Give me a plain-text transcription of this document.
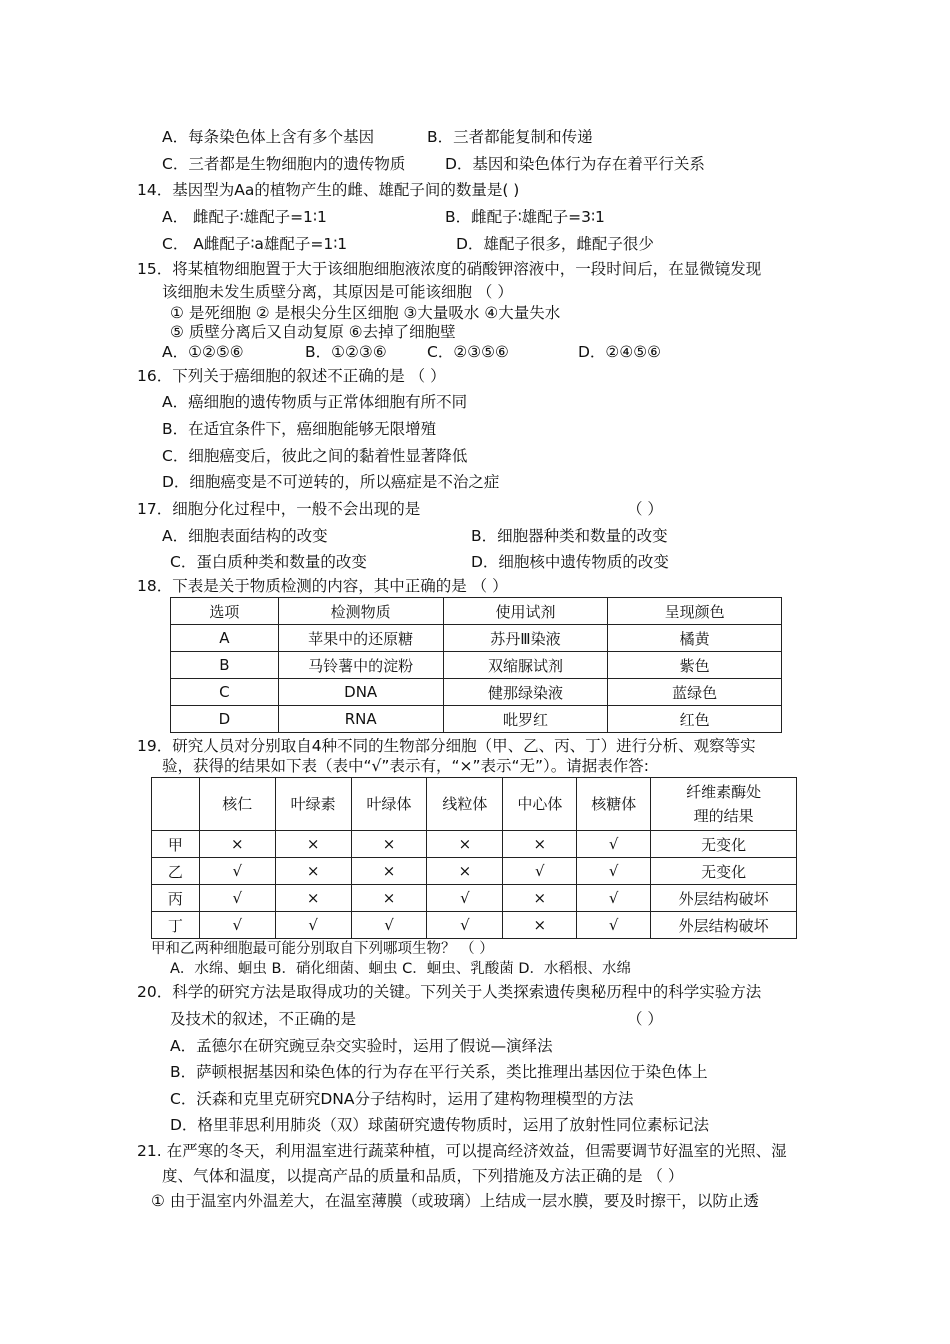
A．每条染色体上含有多个基因	B．三者都能复制和传递
C．三者都是生物细胞内的遗传物质	D．基因和染色体行为存在着平行关系
14．基因型为Aa的植物产生的雌、雄配子间的数量是( )
A． 雌配子∶雄配子=1∶1	B．雌配子∶雄配子=3∶1
C． A雌配子∶a雄配子=1∶1	D．雄配子很多，雌配子很少
15．将某植物细胞置于大于该细胞细胞液浓度的硝酸钾溶液中，一段时间后，在显微镜发现
该细胞未发生质壁分离，其原因是可能该细胞 （ ）
① 是死细胞 ② 是根尖分生区细胞 ③大量吸水 ④大量失水
⑤ 质壁分离后又自动复原 ⑥去掉了细胞壁
A．①②⑤⑥	B．①②③⑥	C．②③⑤⑥	D．②④⑤⑥
16．下列关于癌细胞的叙述不正确的是 （ ）
A．癌细胞的遗传物质与正常体细胞有所不同
B．在适宜条件下，癌细胞能够无限增殖
C．细胞癌变后，彼此之间的黏着性显著降低
D．细胞癌变是不可逆转的，所以癌症是不治之症
17．细胞分化过程中，一般不会出现的是	（ ）
A．细胞表面结构的改变	B．细胞器种类和数量的改变
C．蛋白质种类和数量的改变	D．细胞核中遗传物质的改变
18．下表是关于物质检测的内容，其中正确的是 （ ）
选项	检测物质	使用试剂	呈现颜色
A	苹果中的还原糖	苏丹Ⅲ染液	橘黄
B	马铃薯中的淀粉	双缩脲试剂	紫色
C	DNA	健那绿染液	蓝绿色
D	RNA	吡罗红	红色
19．研究人员对分别取自4种不同的生物部分细胞（甲、乙、丙、丁）进行分析、观察等实
验，获得的结果如下表（表中“√”表示有，“×”表示“无”）。请据表作答:
	核仁	叶绿素	叶绿体	线粒体	中心体	核糖体	纤维素酶处
理的结果

甲	×	×	×	×	×	√	无变化
乙	√	×	×	×	√	√	无变化
丙	√	×	×	√	×	√	外层结构破坏
丁	√	√	√	√	×	√	外层结构破坏
甲和乙两种细胞最可能分别取自下列哪项生物？ （ ）
A．水绵、蛔虫 B．硝化细菌、蛔虫 C．蛔虫、乳酸菌 D．水稻根、水绵
20．科学的研究方法是取得成功的关键。下列关于人类探索遗传奥秘历程中的科学实验方法
及技术的叙述，不正确的是	（ ）
A．孟德尔在研究豌豆杂交实验时，运用了假说—演绎法
B．萨顿根据基因和染色体的行为存在平行关系，类比推理出基因位于染色体上
C．沃森和克里克研究DNA分子结构时，运用了建构物理模型的方法
D．格里菲思利用肺炎（双）球菌研究遗传物质时，运用了放射性同位素标记法
21. 在严寒的冬天，利用温室进行蔬菜种植，可以提高经济效益，但需要调节好温室的光照、湿
度、气体和温度，以提高产品的质量和品质，下列措施及方法正确的是 （ ）
① 由于温室内外温差大，在温室薄膜（或玻璃）上结成一层水膜，要及时擦干，以防止透
